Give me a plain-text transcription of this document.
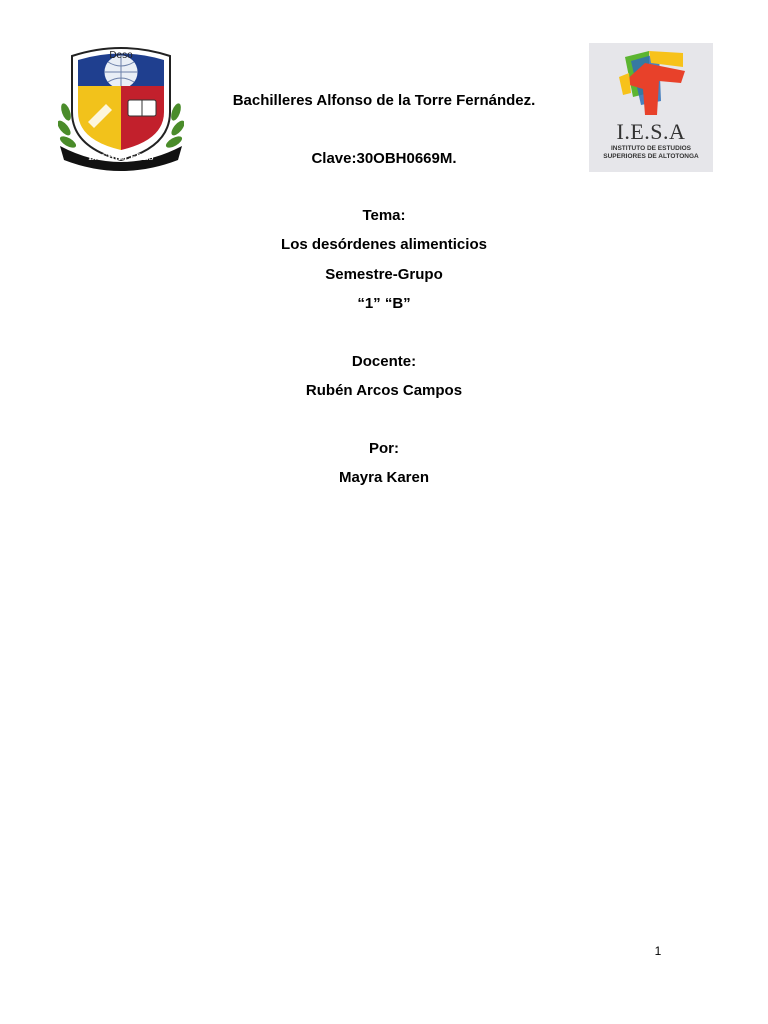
BACHILLERES
Deso
I.E.S.A
INSTITUTO DE ESTUDIOS
SUPERIORES DE ALTOTONGA
Bachilleres Alfonso de la Torre Fernández.
Clave:30OBH0669M.
Tema:
Los desórdenes alimenticios
Semestre-Grupo
“1” “B”
Docente:
Rubén Arcos Campos
Por:
Mayra Karen
1
